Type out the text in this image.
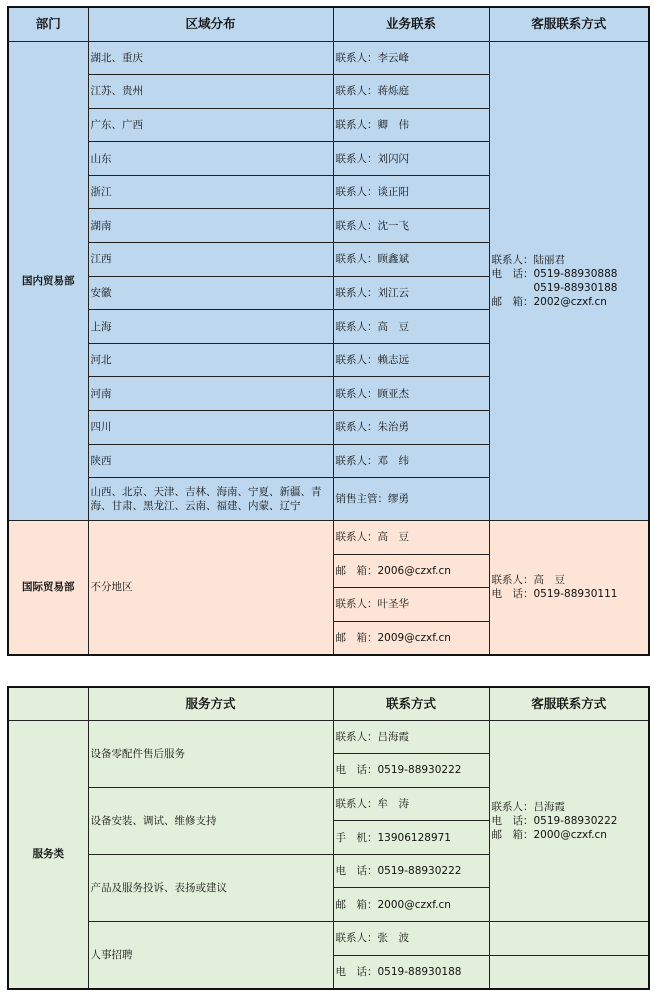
部门	区域分布	业务联系	客服联系方式
国内贸易部	湖北、重庆	联系人：李云峰	联系人：陆丽君
电　话：0519-88930888
　　　　0519-88930188
邮　箱：2002@czxf.cn
	江苏、贵州	联系人：蒋烁庭	
	广东、广西	联系人：卿　伟	
	山东	联系人：刘闪闪	
	浙江	联系人：谈正阳	
	湖南	联系人：沈一飞	
	江西	联系人：顾鑫斌	
	安徽	联系人：刘江云	
	上海	联系人：高　豆	
	河北	联系人：赖志远	
	河南	联系人：顾亚杰	
	四川	联系人：朱治勇	
	陕西	联系人：邓　纬	
	山西、北京、天津、吉林、海南、宁夏、新疆、青海、甘肃、黑龙江、云南、福建、内蒙、辽宁	销售主管：缪勇	
国际贸易部	不分地区	联系人：高　豆	联系人：高　豆
电　话：0519-88930111
		邮　箱：2006@czxf.cn	
		联系人：叶圣华	
		邮　箱：2009@czxf.cn	
	服务方式	联系方式	客服联系方式
服务类	设备零配件售后服务	联系人：吕海霞	联系人：吕海霞
电　话：0519-88930222
邮　箱：2000@czxf.cn
		电　话：0519-88930222	
	设备安装、调试、维修支持	联系人：牟　涛	
		手　机：13906128971	
	产品及服务投诉、表扬或建议	电　话：0519-88930222	
		邮　箱：2000@czxf.cn	
	人事招聘	联系人：张　波	
		电　话：0519-88930188	
